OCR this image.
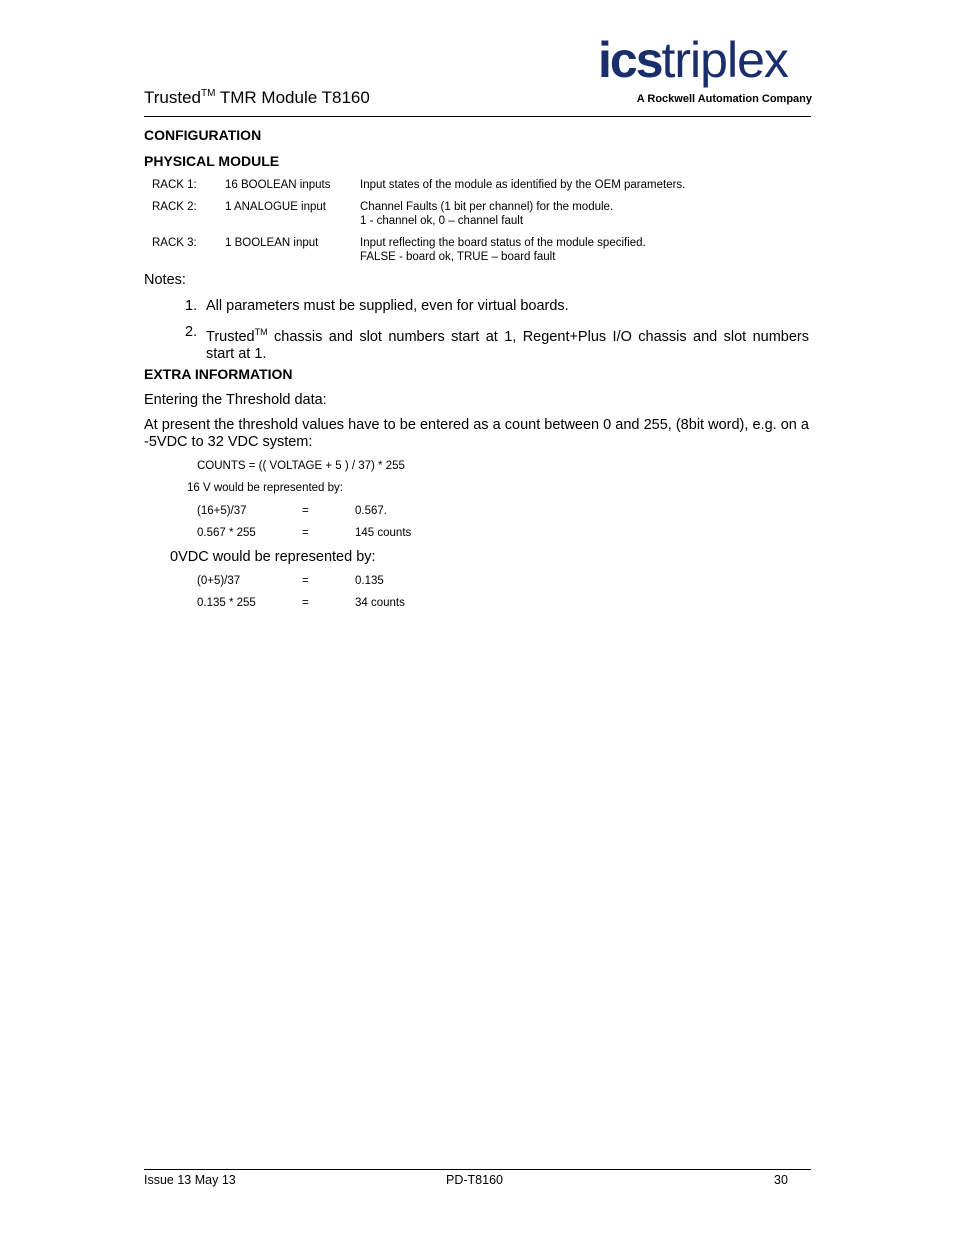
icstriplex
A Rockwell Automation Company
Trusted™ TMR Module T8160
CONFIGURATION
PHYSICAL MODULE
RACK 1: 16 BOOLEAN inputs	Input states of the module as identified by the OEM parameters.
RACK 2: 1 ANALOGUE input	Channel Faults (1 bit per channel) for the module.
1 - channel ok, 0 – channel fault
RACK 3: 1 BOOLEAN input	Input reflecting the board status of the module specified.
FALSE - board ok, TRUE – board fault
Notes:
1. All parameters must be supplied, even for virtual boards.
2. Trusted™ chassis and slot numbers start at 1, Regent+Plus I/O chassis and slot numbers start at 1.
EXTRA INFORMATION
Entering the Threshold data:
At present the threshold values have to be entered as a count between 0 and 255, (8bit word), e.g. on a -5VDC to 32 VDC system:
COUNTS = (( VOLTAGE + 5 ) / 37) * 255
16 V would be represented by:
(16+5)/37	=	0.567.
0.567 * 255	=	145 counts
0VDC would be represented by:
(0+5)/37	=	0.135
0.135 * 255	=	34 counts
Issue 13 May 13	PD-T8160	30
